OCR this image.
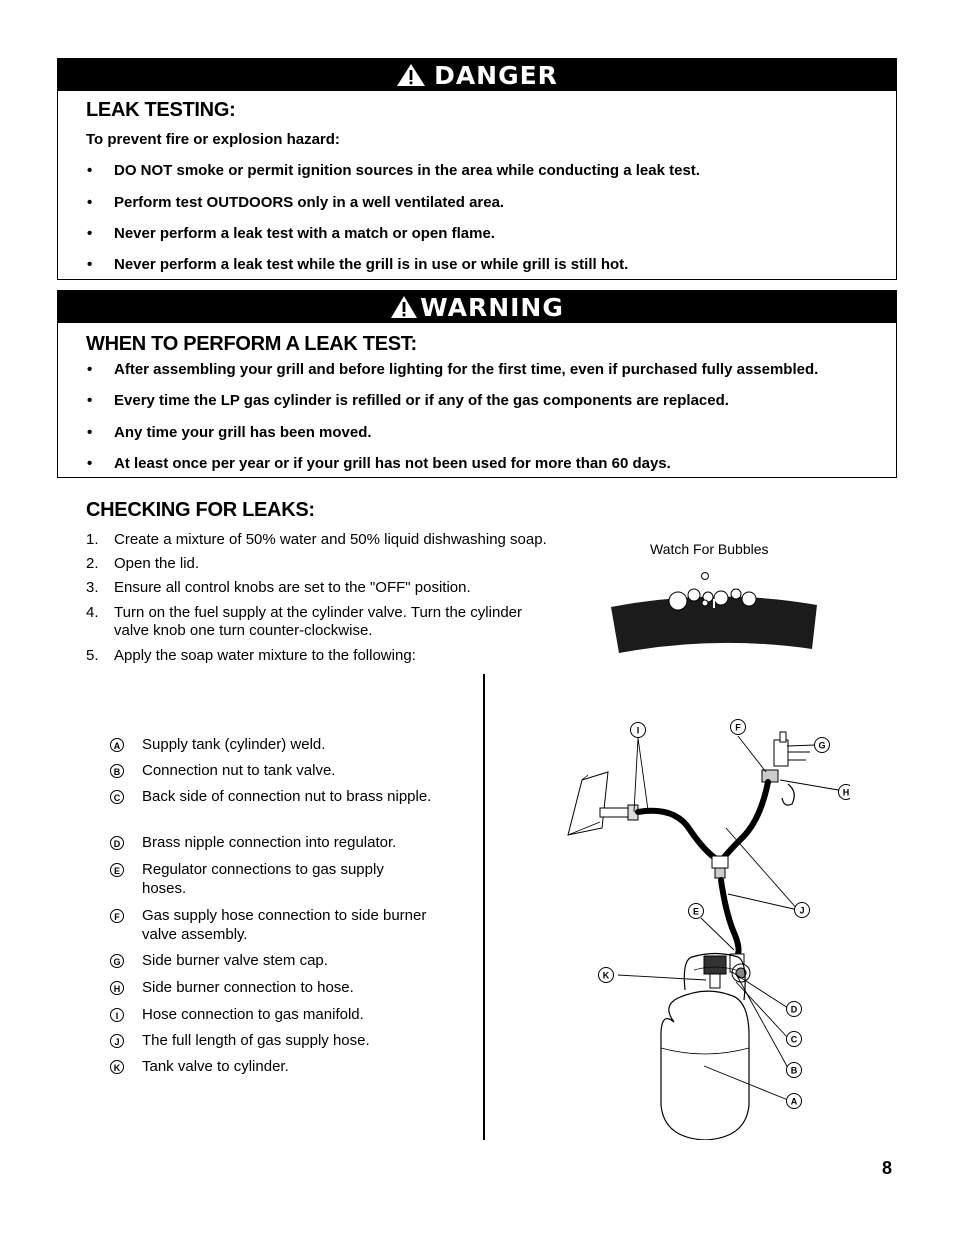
DANGER
LEAK TESTING:
To prevent fire or explosion hazard:
• DO NOT smoke or permit ignition sources in the area while conducting a leak test.
• Perform test OUTDOORS only in a well ventilated area.
• Never perform a leak test with a match or open flame.
• Never perform a leak test while the grill is in use or while grill is still hot.
WARNING
WHEN TO PERFORM A LEAK TEST:
• After assembling your grill and before lighting for the first time, even if purchased fully assembled.
• Every time the LP gas cylinder is refilled or if any of the gas components are replaced.
• Any time your grill has been moved.
• At least once per year or if your grill has not been used for more than 60 days.
CHECKING FOR LEAKS:
1. Create a mixture of 50% water and 50% liquid dishwashing soap.
2. Open the lid.
3. Ensure all control knobs are set to the "OFF" position.
4. Turn on the fuel supply at the cylinder valve. Turn the cylinder valve knob one turn counter-clockwise.
5. Apply the soap water mixture to the following:
Watch For Bubbles
A Supply tank (cylinder) weld.
B Connection nut to tank valve.
C Back side of connection nut to brass nipple.
D Brass nipple connection into regulator.
E Regulator connections to gas supply hoses.
F Gas supply hose connection to side burner valve assembly.
G Side burner valve stem cap.
H Side burner connection to hose.
I	Hose connection to gas manifold.
J	The full length of gas supply hose.
K Tank valve to cylinder.
I	F
G
H
J
E
K
D
C
B
A
8
